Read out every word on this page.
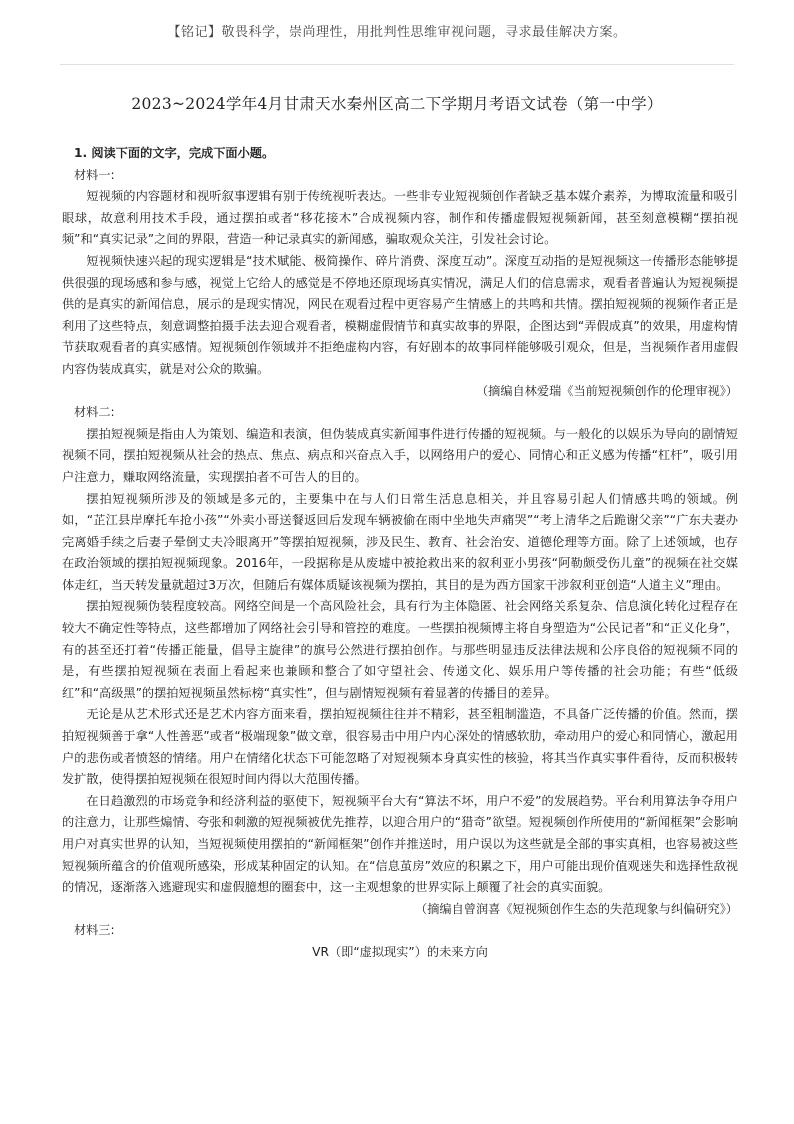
【铭记】敬畏科学，崇尚理性，用批判性思维审视问题，寻求最佳解决方案。
2023~2024学年4月甘肃天水秦州区高二下学期月考语文试卷（第一中学）

1. 阅读下面的文字，完成下面小题。

材料一:

短视频的内容题材和视听叙事逻辑有别于传统视听表达。一些非专业短视频创作者缺乏基本媒介素养，为博取流量和吸引眼球，故意利用技术手段，通过摆拍或者“移花接木”合成视频内容，制作和传播虚假短视频新闻，甚至刻意模糊“摆拍视频”和“真实记录”之间的界限，营造一种记录真实的新闻感，骗取观众关注，引发社会讨论。

短视频快速兴起的现实逻辑是“技术赋能、极简操作、碎片消费、深度互动”。深度互动指的是短视频这一传播形态能够提供很强的现场感和参与感，视觉上它给人的感觉是不停地还原现场真实情况，满足人们的信息需求，观看者普遍认为短视频提供的是真实的新闻信息，展示的是现实情况，网民在观看过程中更容易产生情感上的共鸣和共情。摆拍短视频的视频作者正是利用了这些特点，刻意调整拍摄手法去迎合观看者，模糊虚假情节和真实故事的界限，企图达到“弄假成真”的效果，用虚构情节获取观看者的真实感情。短视频创作领域并不拒绝虚构内容，有好剧本的故事同样能够吸引观众，但是，当视频作者用虚假内容伪装成真实，就是对公众的欺骗。

（摘编自林爱瑞《当前短视频创作的伦理审视》）

材料二:

摆拍短视频是指由人为策划、编造和表演，但伪装成真实新闻事件进行传播的短视频。与一般化的以娱乐为导向的剧情短视频不同，摆拍短视频从社会的热点、焦点、病点和兴奋点入手，以网络用户的爱心、同情心和正义感为传播“杠杆”，吸引用户注意力，赚取网络流量，实现摆拍者不可告人的目的。

摆拍短视频所涉及的领域是多元的，主要集中在与人们日常生活息息相关，并且容易引起人们情感共鸣的领域。例如，“芷江县岸摩托车抢小孩”“外卖小哥送餐返回后发现车辆被偷在雨中坐地失声痛哭”“考上清华之后跪谢父亲”“广东夫妻办完离婚手续之后妻子晕倒丈夫冷眼离开”等摆拍短视频，涉及民生、教育、社会治安、道德伦理等方面。除了上述领域，也存在政治领域的摆拍短视频现象。2016年，一段据称是从废墟中被抢救出来的叙利亚小男孩“阿勒颇受伤儿童”的视频在社交媒体走红，当天转发量就超过3万次，但随后有媒体质疑该视频为摆拍，其目的是为西方国家干涉叙利亚创造“人道主义”理由。

摆拍短视频伪装程度较高。网络空间是一个高风险社会，具有行为主体隐匿、社会网络关系复杂、信息演化转化过程存在较大不确定性等特点，这些都增加了网络社会引导和管控的难度。一些摆拍视频博主将自身塑造为“公民记者”和“正义化身”，有的甚至还打着“传播正能量，倡导主旋律”的旗号公然进行摆拍创作。与那些明显违反法律法规和公序良俗的短视频不同的是，有些摆拍短视频在表面上看起来也兼顾和整合了如守望社会、传递文化、娱乐用户等传播的社会功能；有些“低级红”和“高级黑”的摆拍短视频虽然标榜“真实性”，但与剧情短视频有着显著的传播目的差异。

无论是从艺术形式还是艺术内容方面来看，摆拍短视频往往并不精彩，甚至粗制滥造，不具备广泛传播的价值。然而，摆拍短视频善于拿“人性善恶”或者“极端现象”做文章，很容易击中用户内心深处的情感软肋，牵动用户的爱心和同情心，激起用户的悲伤或者愤怒的情绪。用户在情绪化状态下可能忽略了对短视频本身真实性的核验，将其当作真实事件看待，反而积极转发扩散，使得摆拍短视频在很短时间内得以大范围传播。

在日趋激烈的市场竞争和经济利益的驱使下，短视频平台大有“算法不坏，用户不爱”的发展趋势。平台利用算法争夺用户的注意力，让那些煽情、夸张和刺激的短视频被优先推荐，以迎合用户的“猎奇”欲望。短视频创作所使用的“新闻框架”会影响用户对真实世界的认知，当短视频使用摆拍的“新闻框架”创作并推送时，用户误以为这些就是全部的事实真相，也容易被这些短视频所蕴含的价值观所感染，形成某种固定的认知。在“信息茧房”效应的积累之下，用户可能出现价值观迷失和选择性敌视的情况，逐渐落入逃避现实和虚假臆想的圈套中，这一主观想象的世界实际上颠覆了社会的真实面貌。

（摘编自曾润喜《短视频创作生态的失范现象与纠偏研究》）

材料三:

VR（即“虚拟现实”）的未来方向
